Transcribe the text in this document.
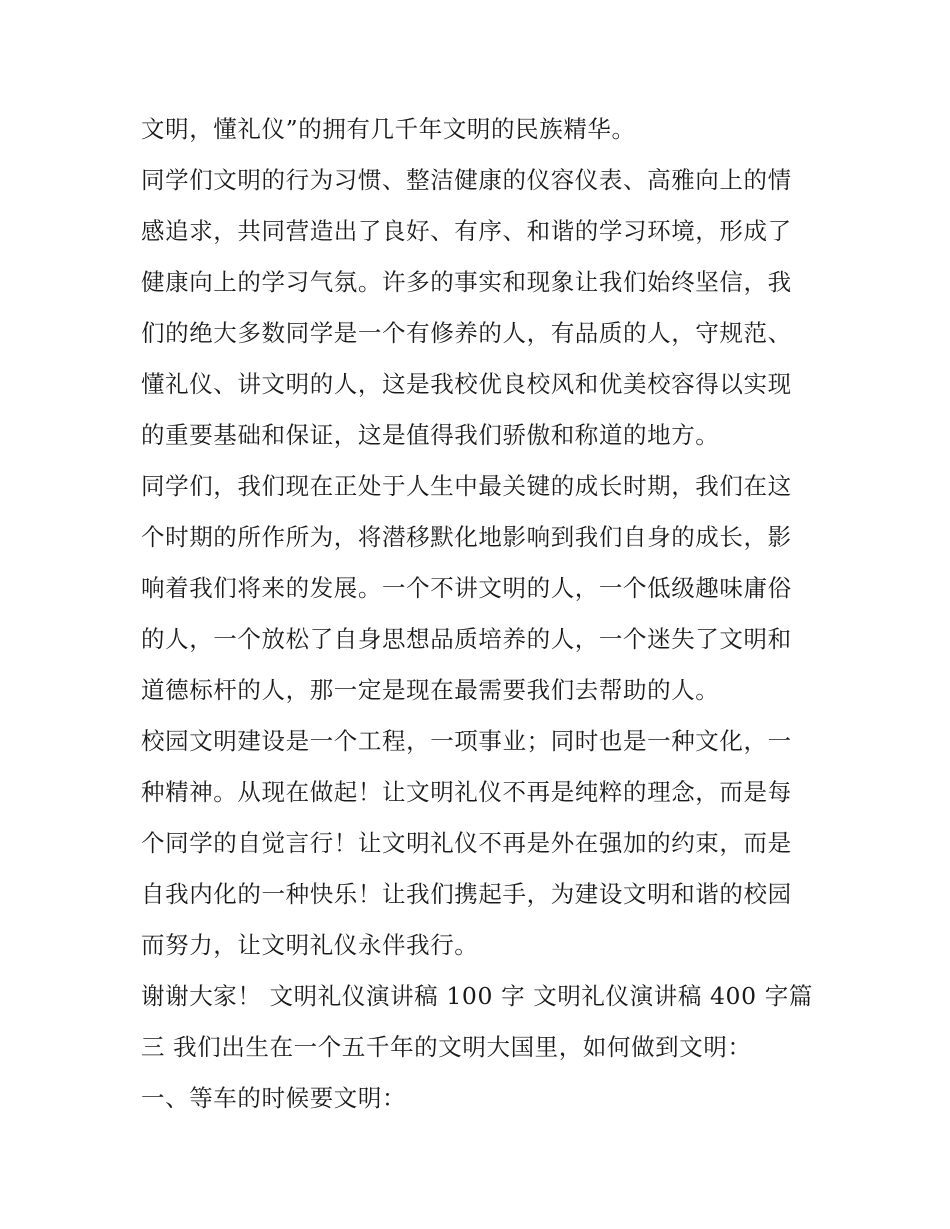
文明，懂礼仪”的拥有几千年文明的民族精华。
同学们文明的行为习惯、整洁健康的仪容仪表、高雅向上的情
感追求，共同营造出了良好、有序、和谐的学习环境，形成了
健康向上的学习气氛。许多的事实和现象让我们始终坚信，我
们的绝大多数同学是一个有修养的人，有品质的人，守规范、
懂礼仪、讲文明的人，这是我校优良校风和优美校容得以实现
的重要基础和保证，这是值得我们骄傲和称道的地方。
同学们，我们现在正处于人生中最关键的成长时期，我们在这
个时期的所作所为，将潜移默化地影响到我们自身的成长，影
响着我们将来的发展。一个不讲文明的人，一个低级趣味庸俗
的人，一个放松了自身思想品质培养的人，一个迷失了文明和
道德标杆的人，那一定是现在最需要我们去帮助的人。
校园文明建设是一个工程，一项事业；同时也是一种文化，一
种精神。从现在做起！让文明礼仪不再是纯粹的理念，而是每
个同学的自觉言行！让文明礼仪不再是外在强加的约束，而是
自我内化的一种快乐！让我们携起手，为建设文明和谐的校园
而努力，让文明礼仪永伴我行。
谢谢大家！ 文明礼仪演讲稿 100 字 文明礼仪演讲稿 400 字篇
三 我们出生在一个五千年的文明大国里，如何做到文明：
一、等车的时候要文明：
